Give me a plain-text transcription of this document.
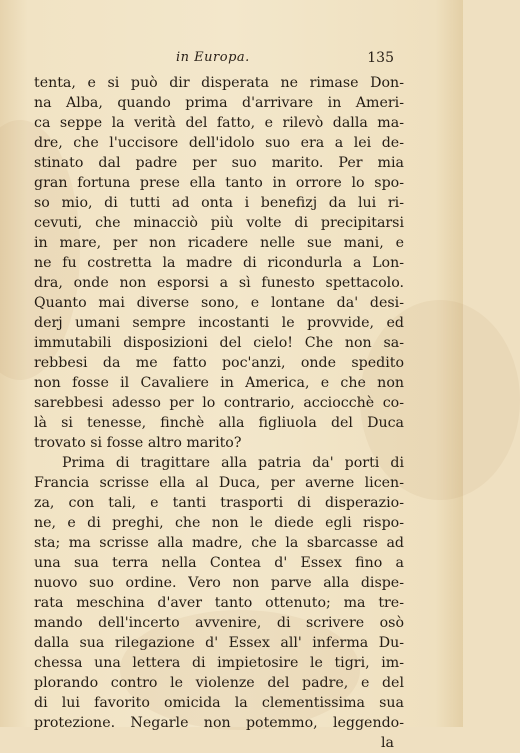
in Europa.	135
tenta, e si può dir disperata ne rimase Don-
na Alba, quando prima d'arrivare in Ameri-
ca seppe la verità del fatto, e rilevò dalla ma-
dre, che l'uccisore dell'idolo suo era a lei de-
stinato dal padre per suo marito. Per mia
gran fortuna prese ella tanto in orrore lo spo-
so mio, di tutti ad onta i benefizj da lui ri-
cevuti, che minacciò più volte di precipitarsi
in mare, per non ricadere nelle sue mani, e
ne fu costretta la madre di ricondurla a Lon-
dra, onde non esporsi a sì funesto spettacolo.
Quanto mai diverse sono, e lontane da' desi-
derj umani sempre incostanti le provvide, ed
immutabili disposizioni del cielo! Che non sa-
rebbesi da me fatto poc'anzi, onde spedito
non fosse il Cavaliere in America, e che non
sarebbesi adesso per lo contrario, acciocchè co-
là si tenesse, finchè alla figliuola del Duca
trovato si fosse altro marito?
Prima di tragittare alla patria da' porti di
Francia scrisse ella al Duca, per averne licen-
za, con tali, e tanti trasporti di disperazio-
ne, e di preghi, che non le diede egli rispo-
sta; ma scrisse alla madre, che la sbarcasse ad
una sua terra nella Contea d' Essex fino a
nuovo suo ordine. Vero non parve alla dispe-
rata meschina d'aver tanto ottenuto; ma tre-
mando dell'incerto avvenire, di scrivere osò
dalla sua rilegazione d' Essex all' inferma Du-
chessa una lettera di impietosire le tigri, im-
plorando contro le violenze del padre, e del
di lui favorito omicida la clementissima sua
protezione. Negarle non potemmo, leggendo-
la
